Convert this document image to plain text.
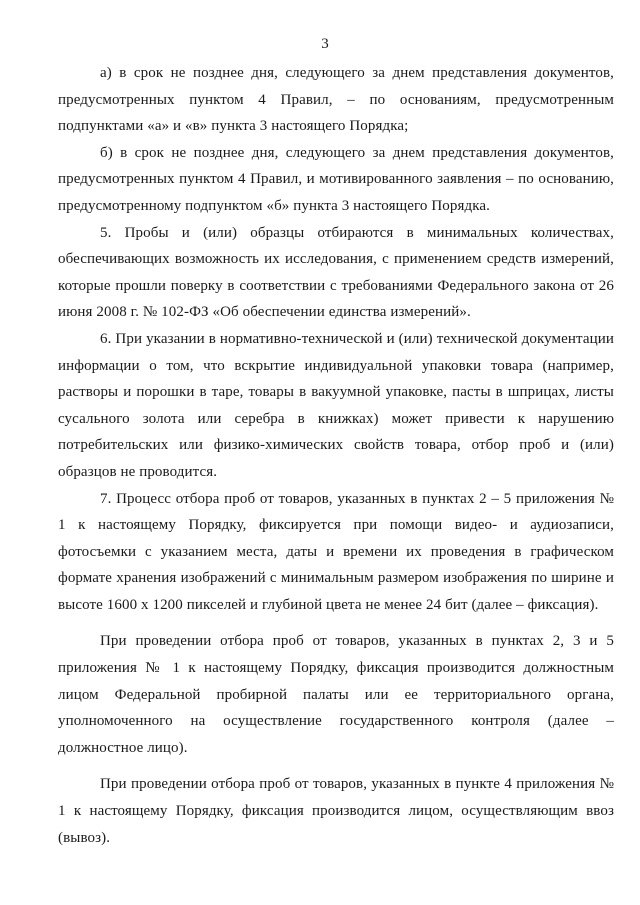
3

а) в срок не позднее дня, следующего за днем представления документов, предусмотренных пунктом 4 Правил, – по основаниям, предусмотренным подпунктами «а» и «в» пункта 3 настоящего Порядка;

б) в срок не позднее дня, следующего за днем представления документов, предусмотренных пунктом 4 Правил, и мотивированного заявления – по основанию, предусмотренному подпунктом «б» пункта 3 настоящего Порядка.

5. Пробы и (или) образцы отбираются в минимальных количествах, обеспечивающих возможность их исследования, с применением средств измерений, которые прошли поверку в соответствии с требованиями Федерального закона от 26 июня 2008 г. № 102-ФЗ «Об обеспечении единства измерений».

6. При указании в нормативно-технической и (или) технической документации информации о том, что вскрытие индивидуальной упаковки товара (например, растворы и порошки в таре, товары в вакуумной упаковке, пасты в шприцах, листы сусального золота или серебра в книжках) может привести к нарушению потребительских или физико-химических свойств товара, отбор проб и (или) образцов не проводится.

7. Процесс отбора проб от товаров, указанных в пунктах 2 – 5 приложения № 1 к настоящему Порядку, фиксируется при помощи видео- и аудиозаписи, фотосъемки с указанием места, даты и времени их проведения в графическом формате хранения изображений с минимальным размером изображения по ширине и высоте 1600 х 1200 пикселей и глубиной цвета не менее 24 бит (далее – фиксация).

При проведении отбора проб от товаров, указанных в пунктах 2, 3 и 5 приложения № 1 к настоящему Порядку, фиксация производится должностным лицом Федеральной пробирной палаты или ее территориального органа, уполномоченного на осуществление государственного контроля (далее – должностное лицо).

При проведении отбора проб от товаров, указанных в пункте 4 приложения № 1 к настоящему Порядку, фиксация производится лицом, осуществляющим ввоз (вывоз).
